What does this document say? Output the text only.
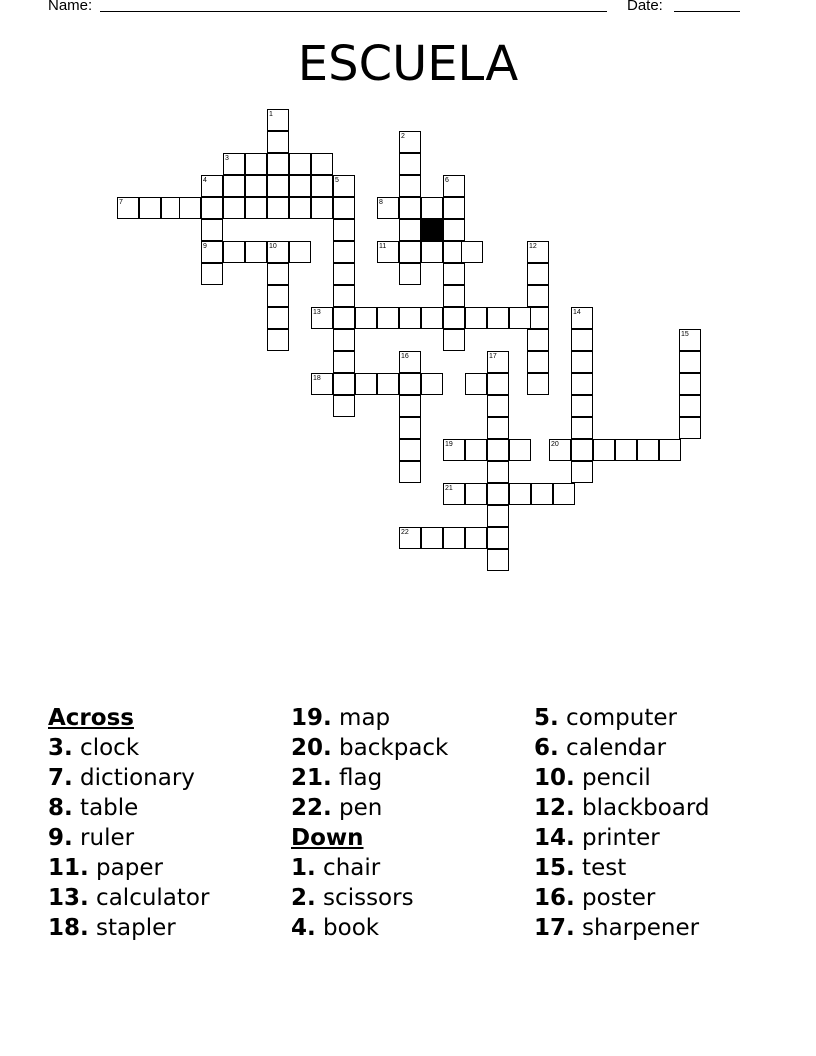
Name:	Date:
ESCUELA
1
2
3
4	5	6
7	8
9	10	11	12
13	14
15
16	17
18
19	20
21
22
Across
3. clock
7. dictionary
8. table
9. ruler
11. paper
13. calculator
18. stapler
19. map
20. backpack
21. flag
22. pen
Down
1. chair
2. scissors
4. book
5. computer
6. calendar
10. pencil
12. blackboard
14. printer
15. test
16. poster
17. sharpener
